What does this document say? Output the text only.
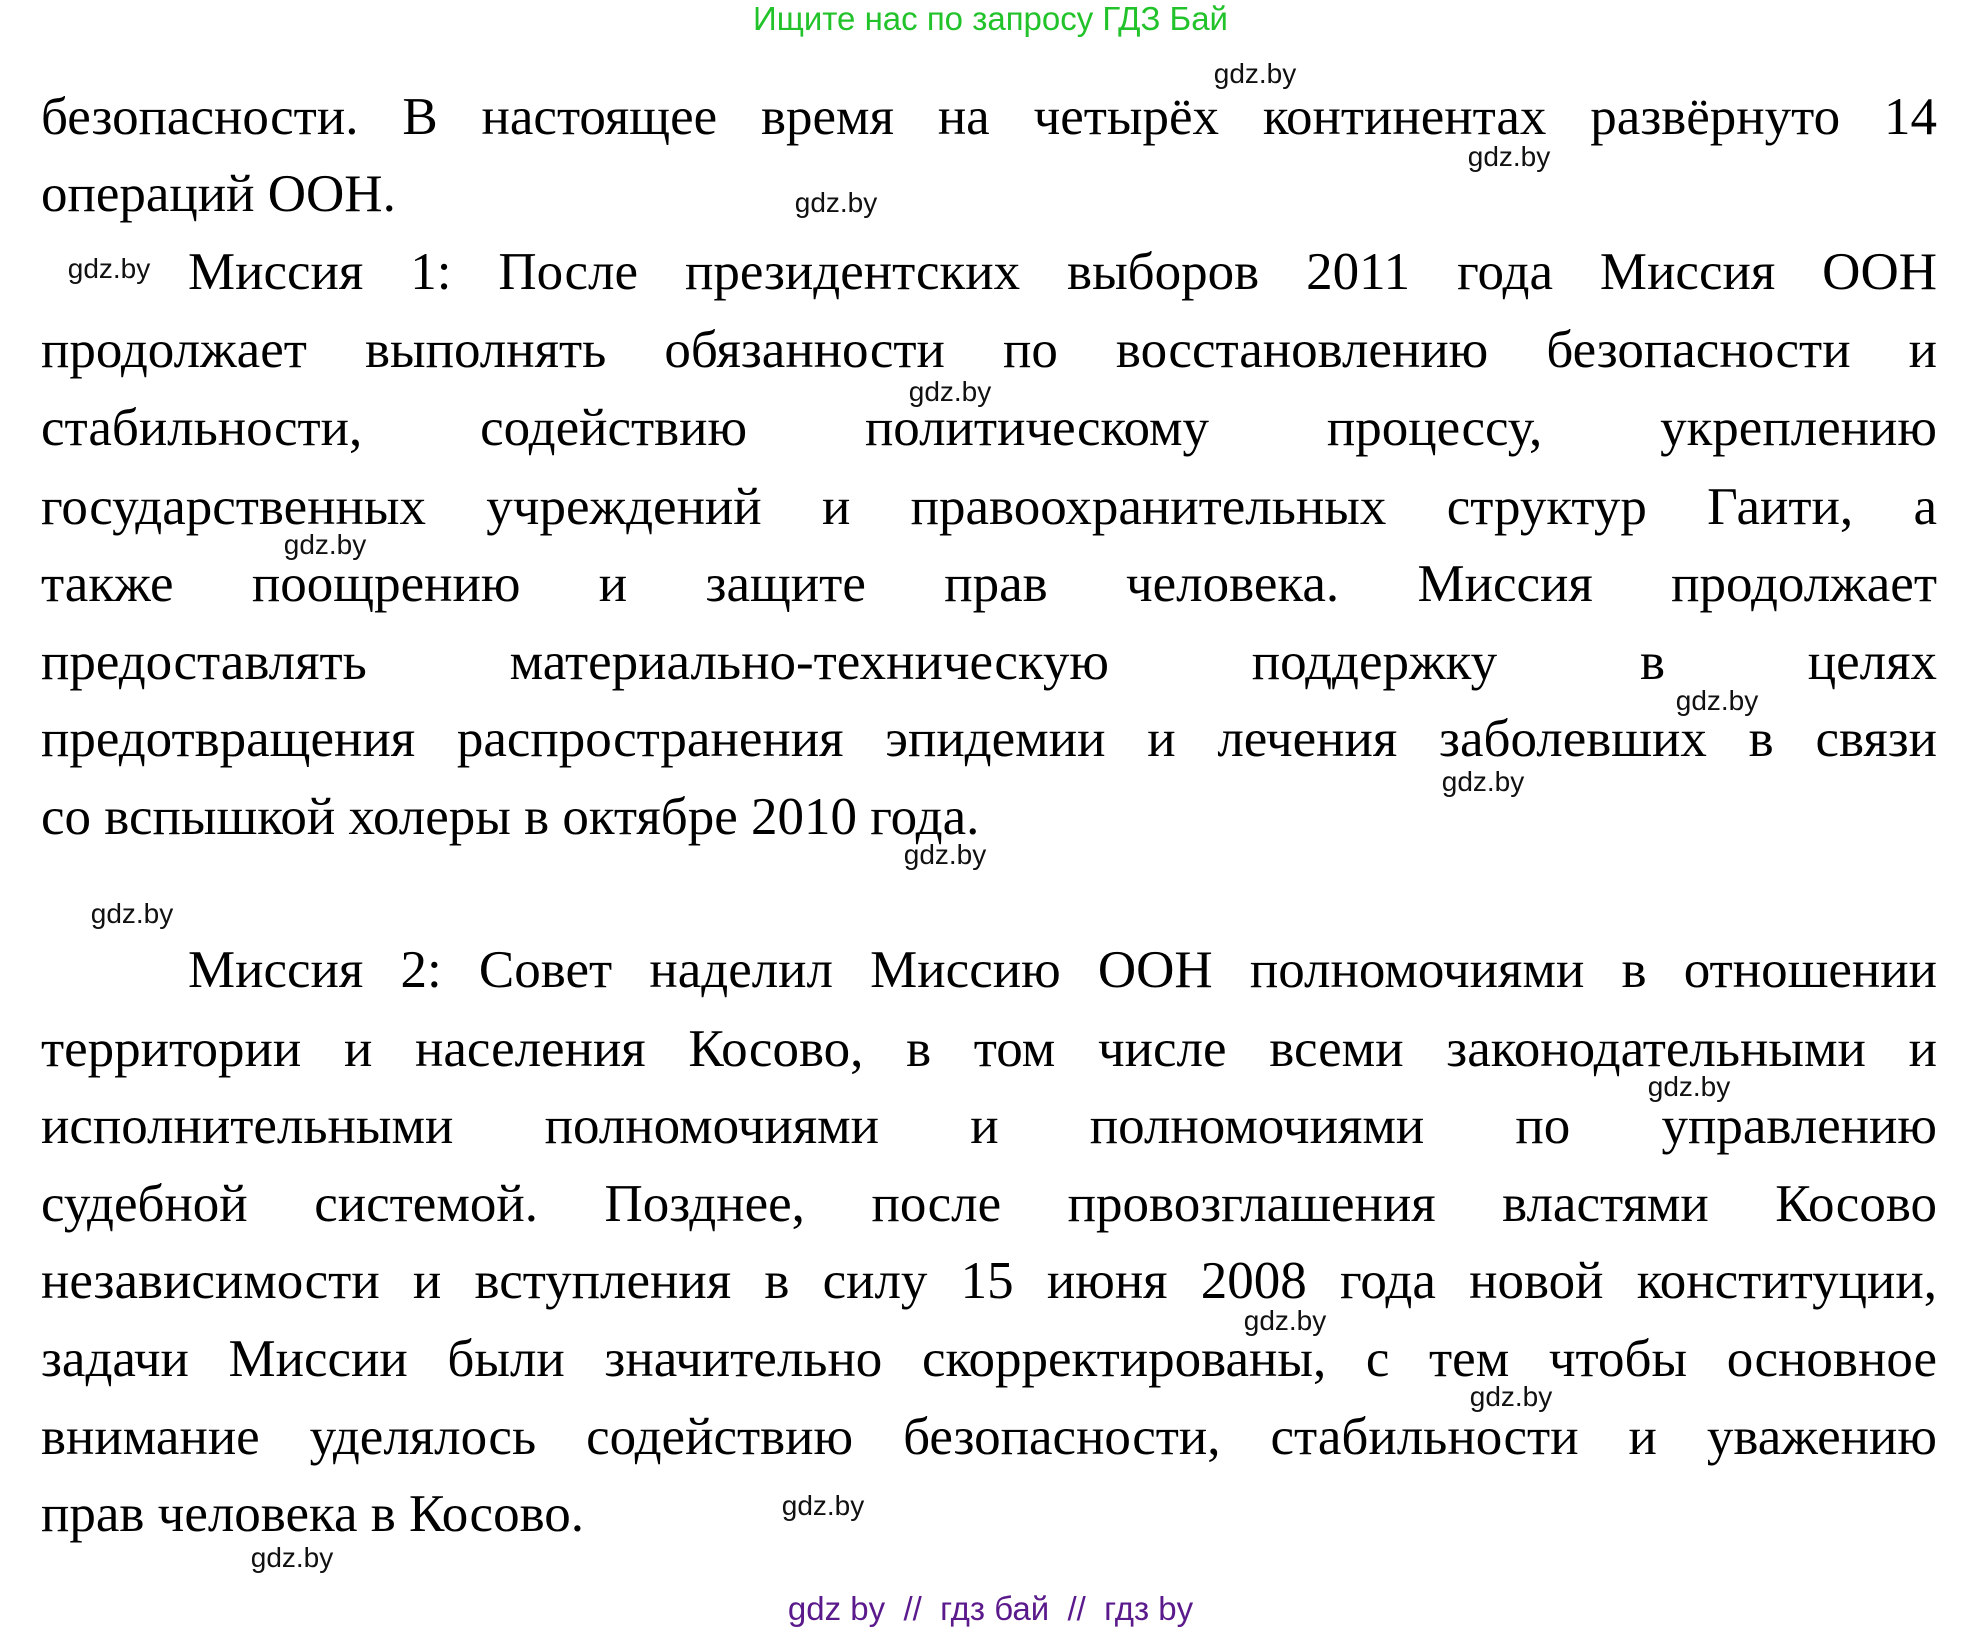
Ищите нас по запросу ГДЗ Бай
безопасности. В настоящее время на четырёх континентах развёрнуто 14
операций ООН.
Миссия 1: После президентских выборов 2011 года Миссия ООН
продолжает выполнять обязанности по восстановлению безопасности и
стабильности, содействию политическому процессу, укреплению
государственных учреждений и правоохранительных структур Гаити, а
также поощрению и защите прав человека. Миссия продолжает
предоставлять материально-техническую поддержку в целях
предотвращения распространения эпидемии и лечения заболевших в связи
со вспышкой холеры в октябре 2010 года.
Миссия 2: Совет наделил Миссию ООН полномочиями в отношении
территории и населения Косово, в том числе всеми законодательными и
исполнительными полномочиями и полномочиями по управлению
судебной системой. Позднее, после провозглашения властями Косово
независимости и вступления в силу 15 июня 2008 года новой конституции,
задачи Миссии были значительно скорректированы, с тем чтобы основное
внимание уделялось содействию безопасности, стабильности и уважению
прав человека в Косово.
gdz.by
gdz.by
gdz.by
gdz.by
gdz.by
gdz.by
gdz.by
gdz.by
gdz.by
gdz.by
gdz.by
gdz.by
gdz.by
gdz.by
gdz.by
gdz by  //  гдз бай  //  гдз by
